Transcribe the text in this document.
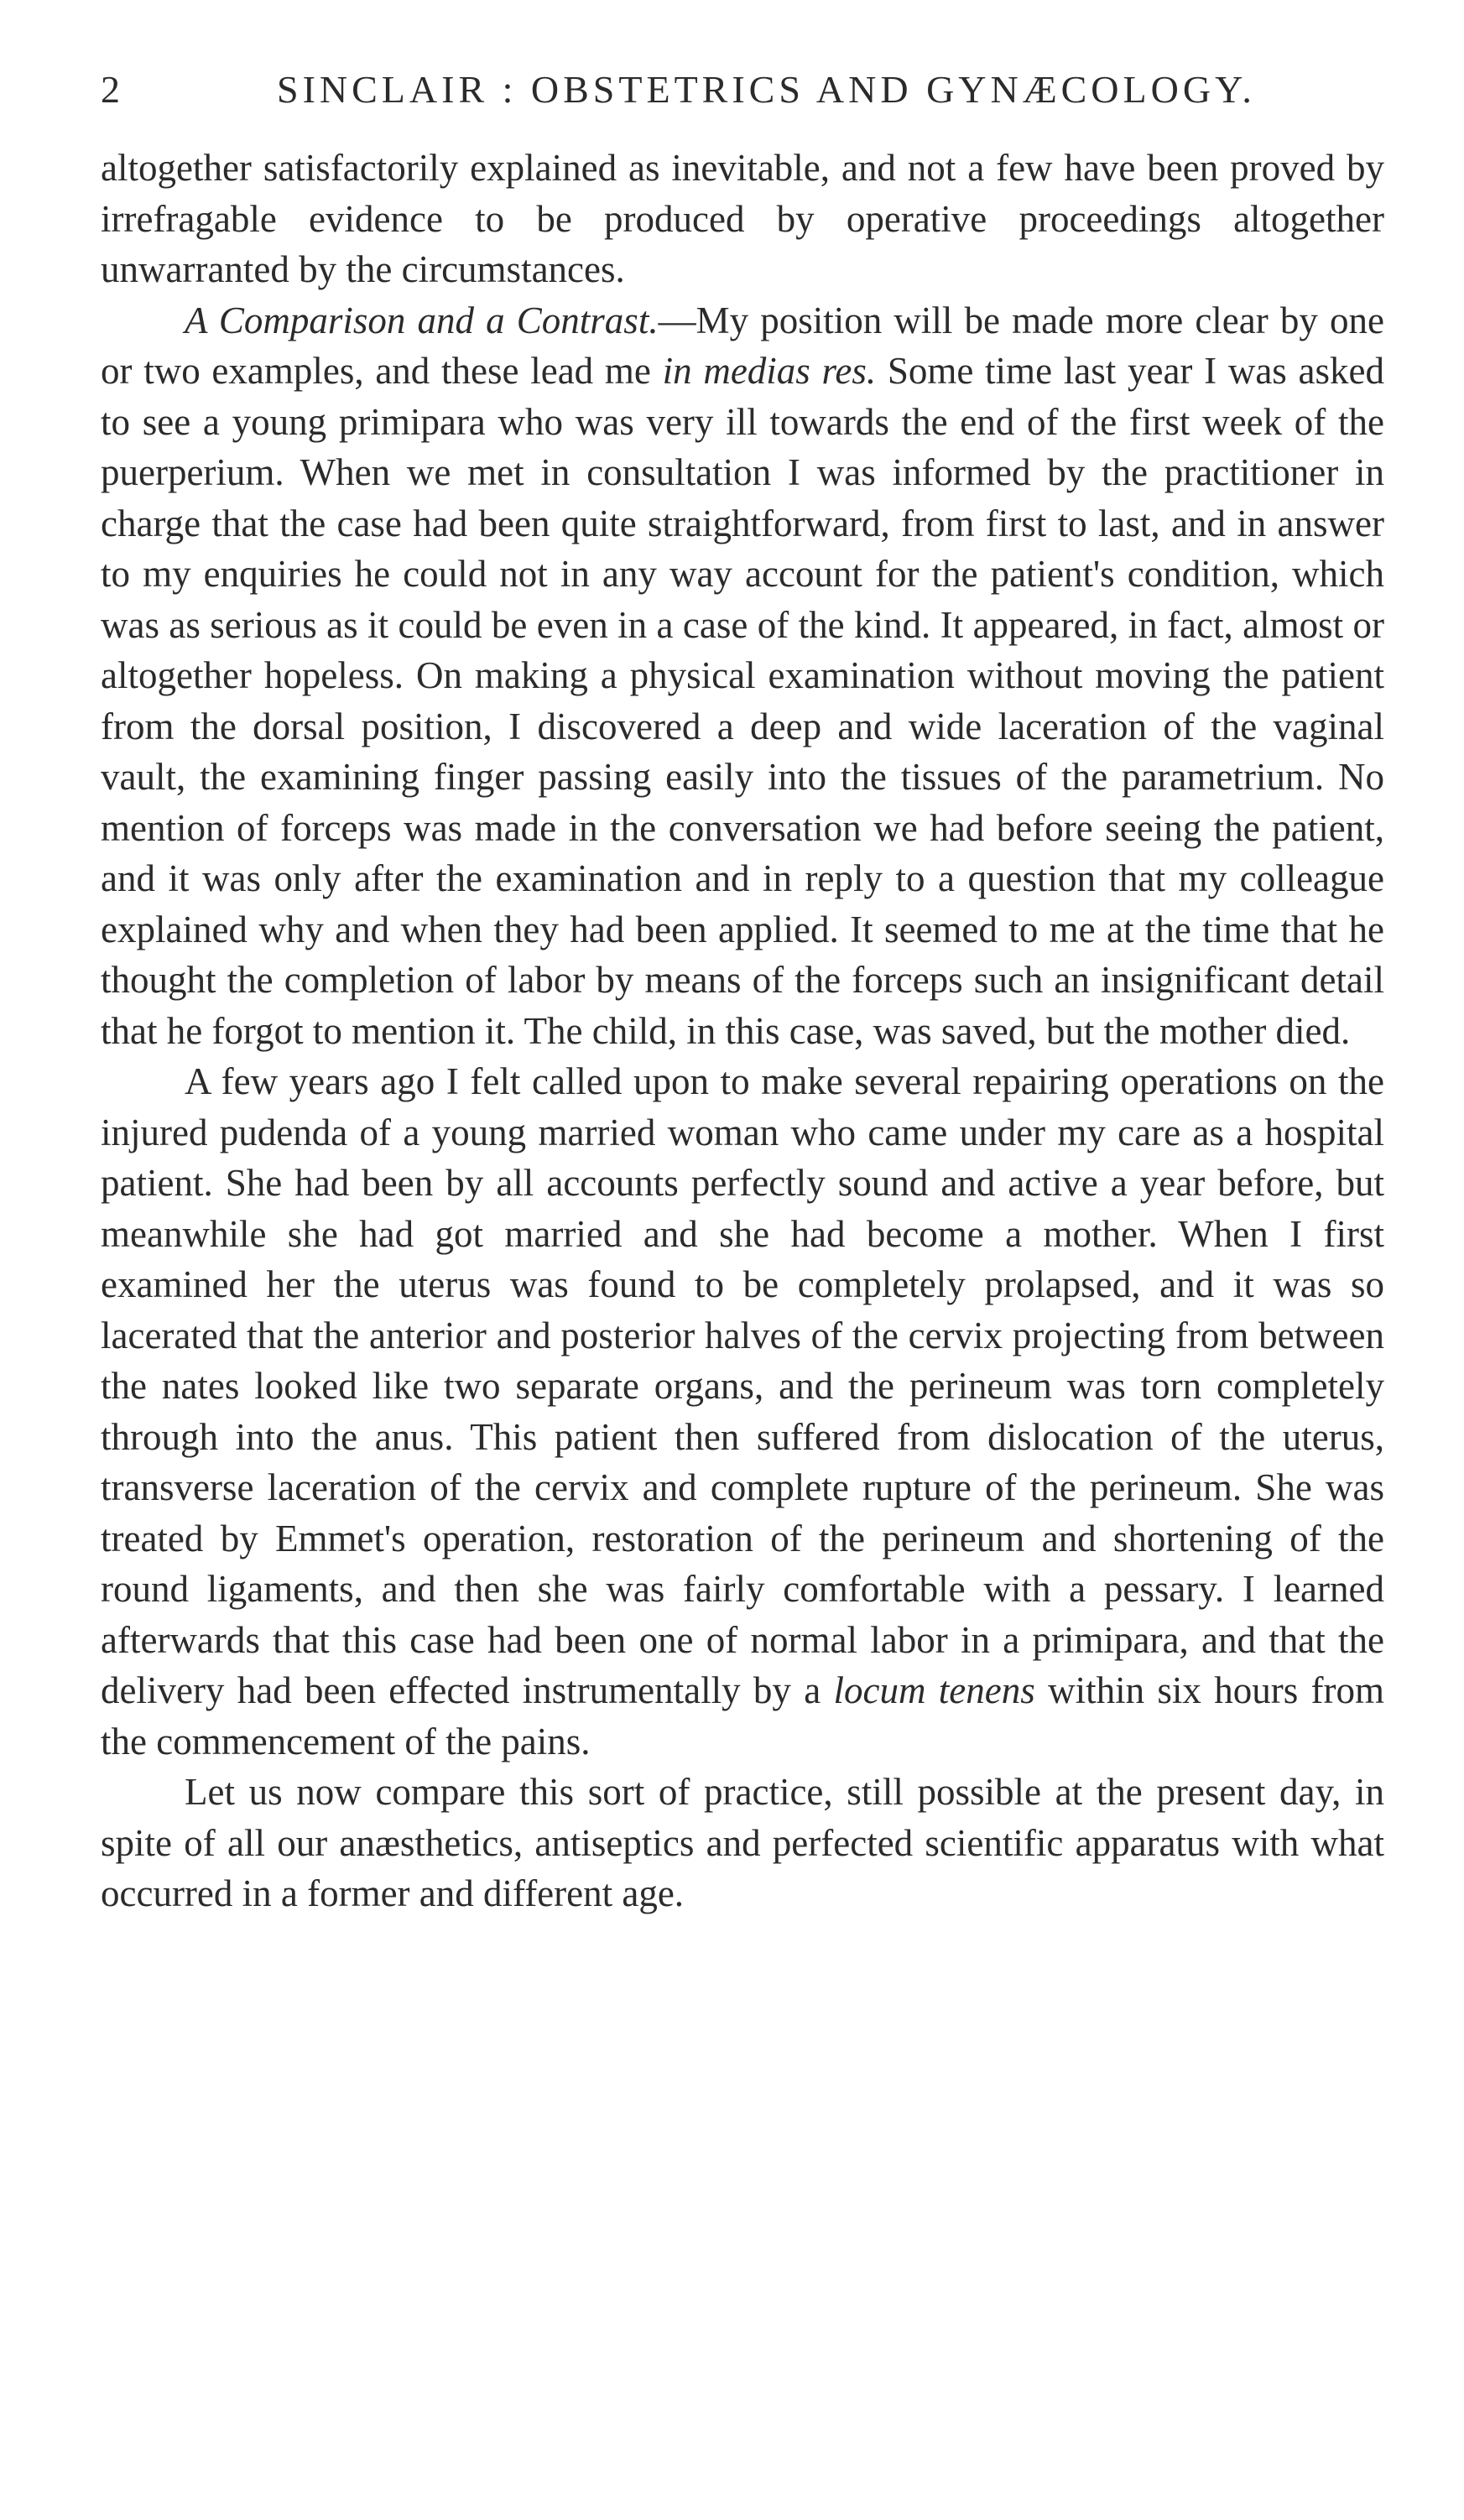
2	SINCLAIR : OBSTETRICS AND GYNÆCOLOGY.

altogether satisfactorily explained as inevitable, and not a few have been proved by irrefragable evidence to be produced by operative proceedings altogether unwarranted by the circumstances.

A Comparison and a Contrast.—My position will be made more clear by one or two examples, and these lead me in medias res. Some time last year I was asked to see a young primipara who was very ill towards the end of the first week of the puerperium. When we met in consultation I was informed by the practitioner in charge that the case had been quite straightforward, from first to last, and in answer to my enquiries he could not in any way account for the patient's condition, which was as serious as it could be even in a case of the kind. It appeared, in fact, almost or altogether hopeless. On making a physical examination without moving the patient from the dorsal position, I discovered a deep and wide laceration of the vaginal vault, the examining finger passing easily into the tissues of the parametrium. No mention of forceps was made in the conversation we had before seeing the patient, and it was only after the examination and in reply to a question that my colleague explained why and when they had been applied. It seemed to me at the time that he thought the completion of labor by means of the forceps such an insignificant detail that he forgot to mention it. The child, in this case, was saved, but the mother died.

A few years ago I felt called upon to make several repairing operations on the injured pudenda of a young married woman who came under my care as a hospital patient. She had been by all accounts perfectly sound and active a year before, but meanwhile she had got married and she had become a mother. When I first examined her the uterus was found to be completely prolapsed, and it was so lacerated that the anterior and posterior halves of the cervix projecting from between the nates looked like two separate organs, and the perineum was torn completely through into the anus. This patient then suffered from dislocation of the uterus, transverse laceration of the cervix and complete rupture of the perineum. She was treated by Emmet's operation, restoration of the perineum and shortening of the round ligaments, and then she was fairly comfortable with a pessary. I learned afterwards that this case had been one of normal labor in a primipara, and that the delivery had been effected instrumentally by a locum tenens within six hours from the commencement of the pains.

Let us now compare this sort of practice, still possible at the present day, in spite of all our anæsthetics, antiseptics and perfected scientific apparatus with what occurred in a former and different age.
